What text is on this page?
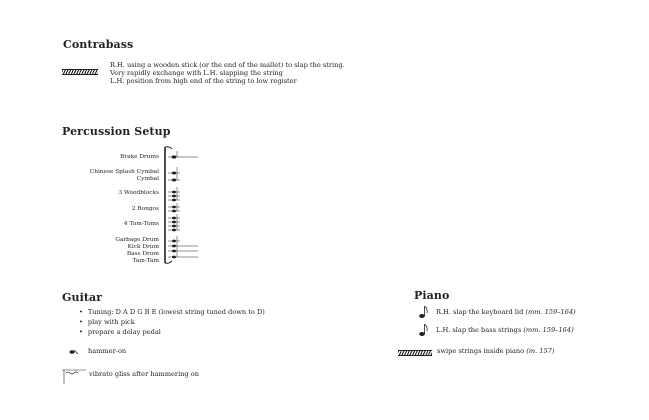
Contrabass
R.H. using a wooden stick (or the end of the mallet) to slap the string.
Very rapidly exchange with L.H. slapping the string
L.H. position from high end of the string to low register
Percussion Setup
Brake Drums
Chinese Splash Cymbal
Cymbal
3 Woodblocks
2 Bongos
4 Tom-Toms
Garbage Drum
Kick Drum
Bass Drum
Tam-Tam
Guitar
• Tuning: D A D G B E (lowest string tuned down to D)
• play with pick
• prepare a delay pedal
hammer-on
vibrato gliss after hammering on
Piano
R.H. slap the keyboard lid (mm. 159–164)
L.H. slap the bass strings (mm. 159–164)
swipe strings inside piano (m. 157)
